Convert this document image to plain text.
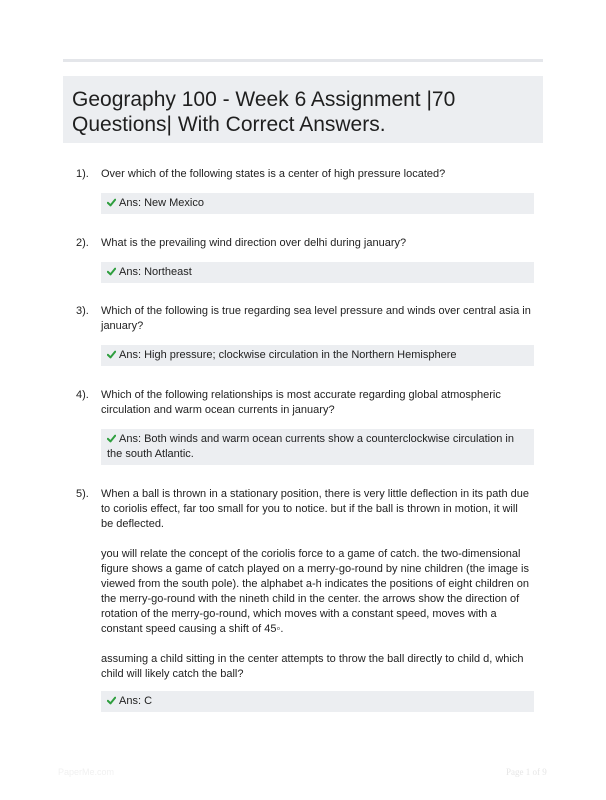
Geography 100 - Week 6 Assignment |70 Questions| With Correct Answers.
1). Over which of the following states is a center of high pressure located?
Ans: New Mexico
2). What is the prevailing wind direction over delhi during january?
Ans: Northeast
3). Which of the following is true regarding sea level pressure and winds over central asia in january?
Ans: High pressure; clockwise circulation in the Northern Hemisphere
4). Which of the following relationships is most accurate regarding global atmospheric circulation and warm ocean currents in january?
Ans: Both winds and warm ocean currents show a counterclockwise circulation in the south Atlantic.
5). When a ball is thrown in a stationary position, there is very little deflection in its path due to coriolis effect, far too small for you to notice. but if the ball is thrown in motion, it will be deflected.

you will relate the concept of the coriolis force to a game of catch. the two-dimensional figure shows a game of catch played on a merry-go-round by nine children (the image is viewed from the south pole). the alphabet a-h indicates the positions of eight children on the merry-go-round with the nineth child in the center. the arrows show the direction of rotation of the merry-go-round, which moves with a constant speed, moves with a constant speed causing a shift of 45◦.

assuming a child sitting in the center attempts to throw the ball directly to child d, which child will likely catch the ball?

Ans: C
PaperMe.com	Page 1 of 9
